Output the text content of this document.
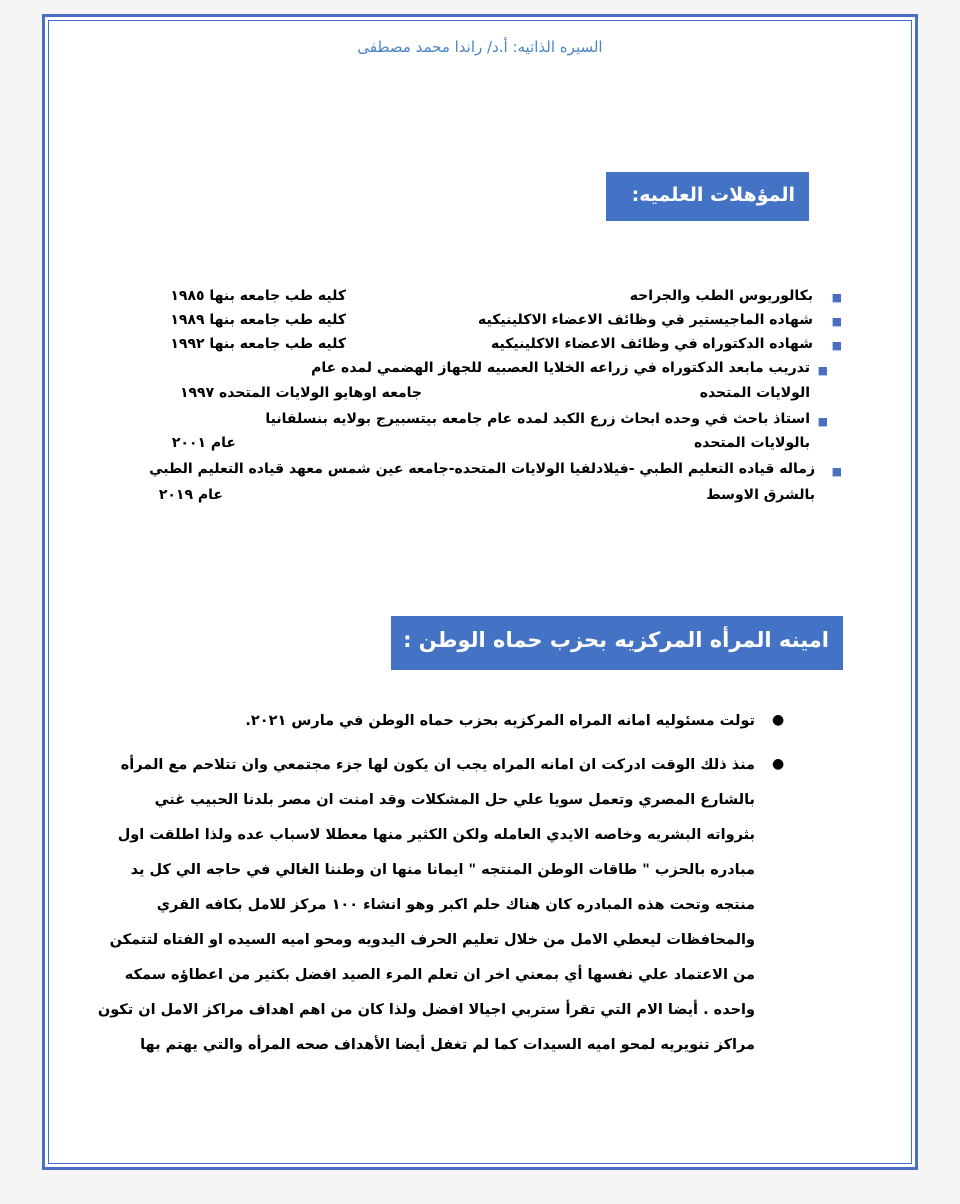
السيره الذاتيه: أ.د/ راندا محمد مصطفى
المؤهلات العلميه:
■
بكالوريوس الطب والجراحه
كليه طب جامعه بنها ١٩٨٥
■
شهاده الماجيستير في وظائف الاعضاء الاكلينيكيه
كليه طب جامعه بنها ١٩٨٩
■
شهاده الدكتوراه في وظائف الاعضاء الاكلينيكيه
كليه طب جامعه بنها ١٩٩٢
■
تدريب مابعد الدكتوراه في زراعه الخلايا العصبيه للجهاز الهضمي لمده عام
الولايات المتحده
جامعه اوهايو الولايات المتحده ١٩٩٧
■
استاذ باحث في وحده ابحاث زرع الكبد لمده عام جامعه بيتسبيرج بولايه بنسلفانيا
بالولايات المتحده
عام ٢٠٠١
■
زماله قياده التعليم الطبي -فيلادلفيا الولايات المتحده-جامعه عين شمس معهد قياده التعليم الطبي
بالشرق الاوسط
عام ٢٠١٩
امينه المرأه المركزيه بحزب حماه الوطن :
●
تولت مسئوليه امانه المراه المركزيه بحزب حماه الوطن في مارس ٢٠٢١.
●
منذ ذلك الوقت ادركت ان امانه المراه يجب ان يكون لها جزء مجتمعي وان تتلاحم مع المرأه
بالشارع المصري وتعمل سويا علي حل المشكلات وقد امنت ان مصر بلدنا الحبيب غني
بثرواته البشريه وخاصه الايدي العامله ولكن الكثير منها معطلا لاسباب عده ولذا اطلقت اول
مبادره بالحزب " طاقات الوطن المنتجه " ايمانا منها ان وطننا الغالي في حاجه الي كل يد
منتجه وتحت هذه المبادره كان هناك حلم اكبر وهو انشاء ١٠٠ مركز للامل بكافه القري
والمحافظات ليعطي الامل من خلال تعليم الحرف اليدويه ومحو اميه السيده او الفتاه لتتمكن
من الاعتماد علي نفسها أي بمعني اخر ان تعلم المرء الصيد افضل بكثير من اعطاؤه سمكه
واحده . أيضا الام التي تقرأ ستربي اجيالا افضل ولذا كان من اهم اهداف مراكز الامل ان تكون
مراكز تنويريه لمحو اميه السيدات كما لم تغفل أيضا الأهداف صحه المرأه والتي يهتم بها
